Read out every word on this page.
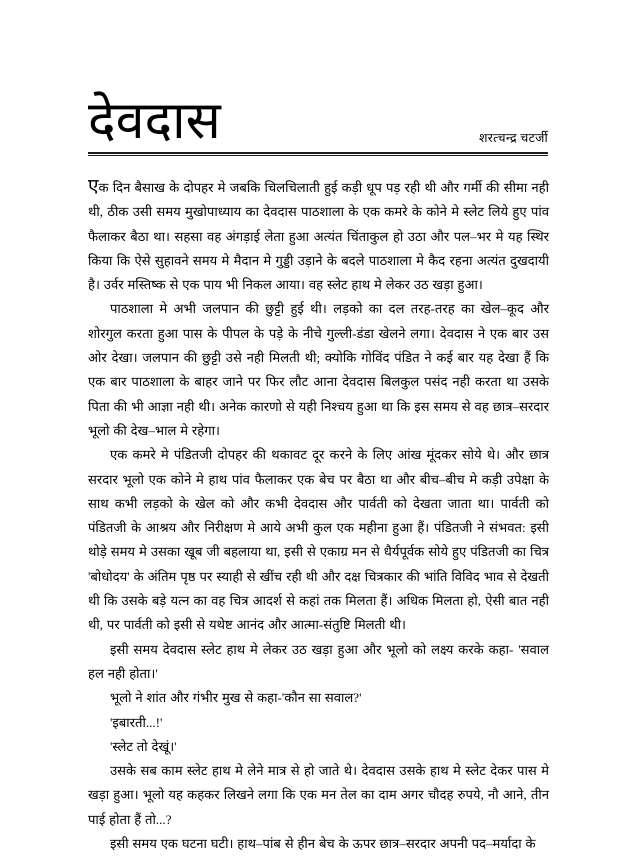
देवदास	शरत्चन्द्र चटर्जी

एक दिन बैसाख के दोपहर मे जबकि चिलचिलाती हुई कड़ी धूप पड़ रही थी और गर्मी की सीमा नही थी, ठीक उसी समय मुखोपाध्याय का देवदास पाठशाला के एक कमरे के कोने मे स्लेट लिये हुए पांव फैलाकर बैठा था। सहसा वह अंगड़ाई लेता हुआ अत्यंत चिंताकुल हो उठा और पल–भर मे यह स्थिर किया कि ऐसे सुहावने समय मे मैदान मे गुड्डी उड़ाने के बदले पाठशाला मे कैद रहना अत्यंत दुखदायी है। उर्वर मस्तिष्क से एक पाय भी निकल आया। वह स्लेट हाथ मे लेकर उठ खड़ा हुआ।

पाठशाला मे अभी जलपान की छुट्टी हुई थी। लड़को का दल तरह-तरह का खेल–कूद और शोरगुल करता हुआ पास के पीपल के पड़े के नीचे गुल्ली-डंडा खेलने लगा। देवदास ने एक बार उस ओर देखा। जलपान की छुट्टी उसे नही मिलती थी; क्योकि गोविंद पंडित ने कई बार यह देखा हैं कि एक बार पाठशाला के बाहर जाने पर फिर लौट आना देवदास बिलकुल पसंद नही करता था उसके पिता की भी आज्ञा नही थी। अनेक कारणो से यही निश्चय हुआ था कि इस समय से वह छात्र–सरदार भूलो की देख–भाल मे रहेगा।

एक कमरे मे पंडितजी दोपहर की थकावट दूर करने के लिए आंख मूंदकर सोये थे। और छात्र सरदार भूलो एक कोने मे हाथ पांव फैलाकर एक बेच पर बैठा था और बीच–बीच मे कड़ी उपेक्षा के साथ कभी लड़को के खेल को और कभी देवदास और पार्वती को देखता जाता था। पार्वती को पंडितजी के आश्रय और निरीक्षण मे आये अभी कुल एक महीना हुआ हैं। पंडितजी ने संभवत: इसी थोड़े समय मे उसका खूब जी बहलाया था, इसी से एकाग्र मन से धैर्यपूर्वक सोये हुए पंडितजी का चित्र 'बोधोदय' के अंतिम पृष्ठ पर स्याही से खींच रही थी और दक्ष चित्रकार की भांति विविद भाव से देखती थी कि उसके बड़े यत्न का वह चित्र आदर्श से कहां तक मिलता हैं। अधिक मिलता हो, ऐसी बात नही थी, पर पार्वती को इसी से यथेष्ट आनंद और आत्मा-संतुष्टि मिलती थी।

इसी समय देवदास स्लेट हाथ मे लेकर उठ खड़ा हुआ और भूलो को लक्ष्य करके कहा- 'सवाल हल नही होता।'

भूलो ने शांत और गंभीर मुख से कहा-'कौन सा सवाल?'

'इबारती...!'

'स्लेट तो देखूं।'

उसके सब काम स्लेट हाथ मे लेने मात्र से हो जाते थे। देवदास उसके हाथ मे स्लेट देकर पास मे खड़ा हुआ। भूलो यह कहकर लिखने लगा कि एक मन तेल का दाम अगर चौदह रुपये, नौ आने, तीन पाई होता हैं तो...?

इसी समय एक घटना घटी। हाथ–पांब से हीन बेच के ऊपर छात्र–सरदार अपनी पद–मर्यादा के
